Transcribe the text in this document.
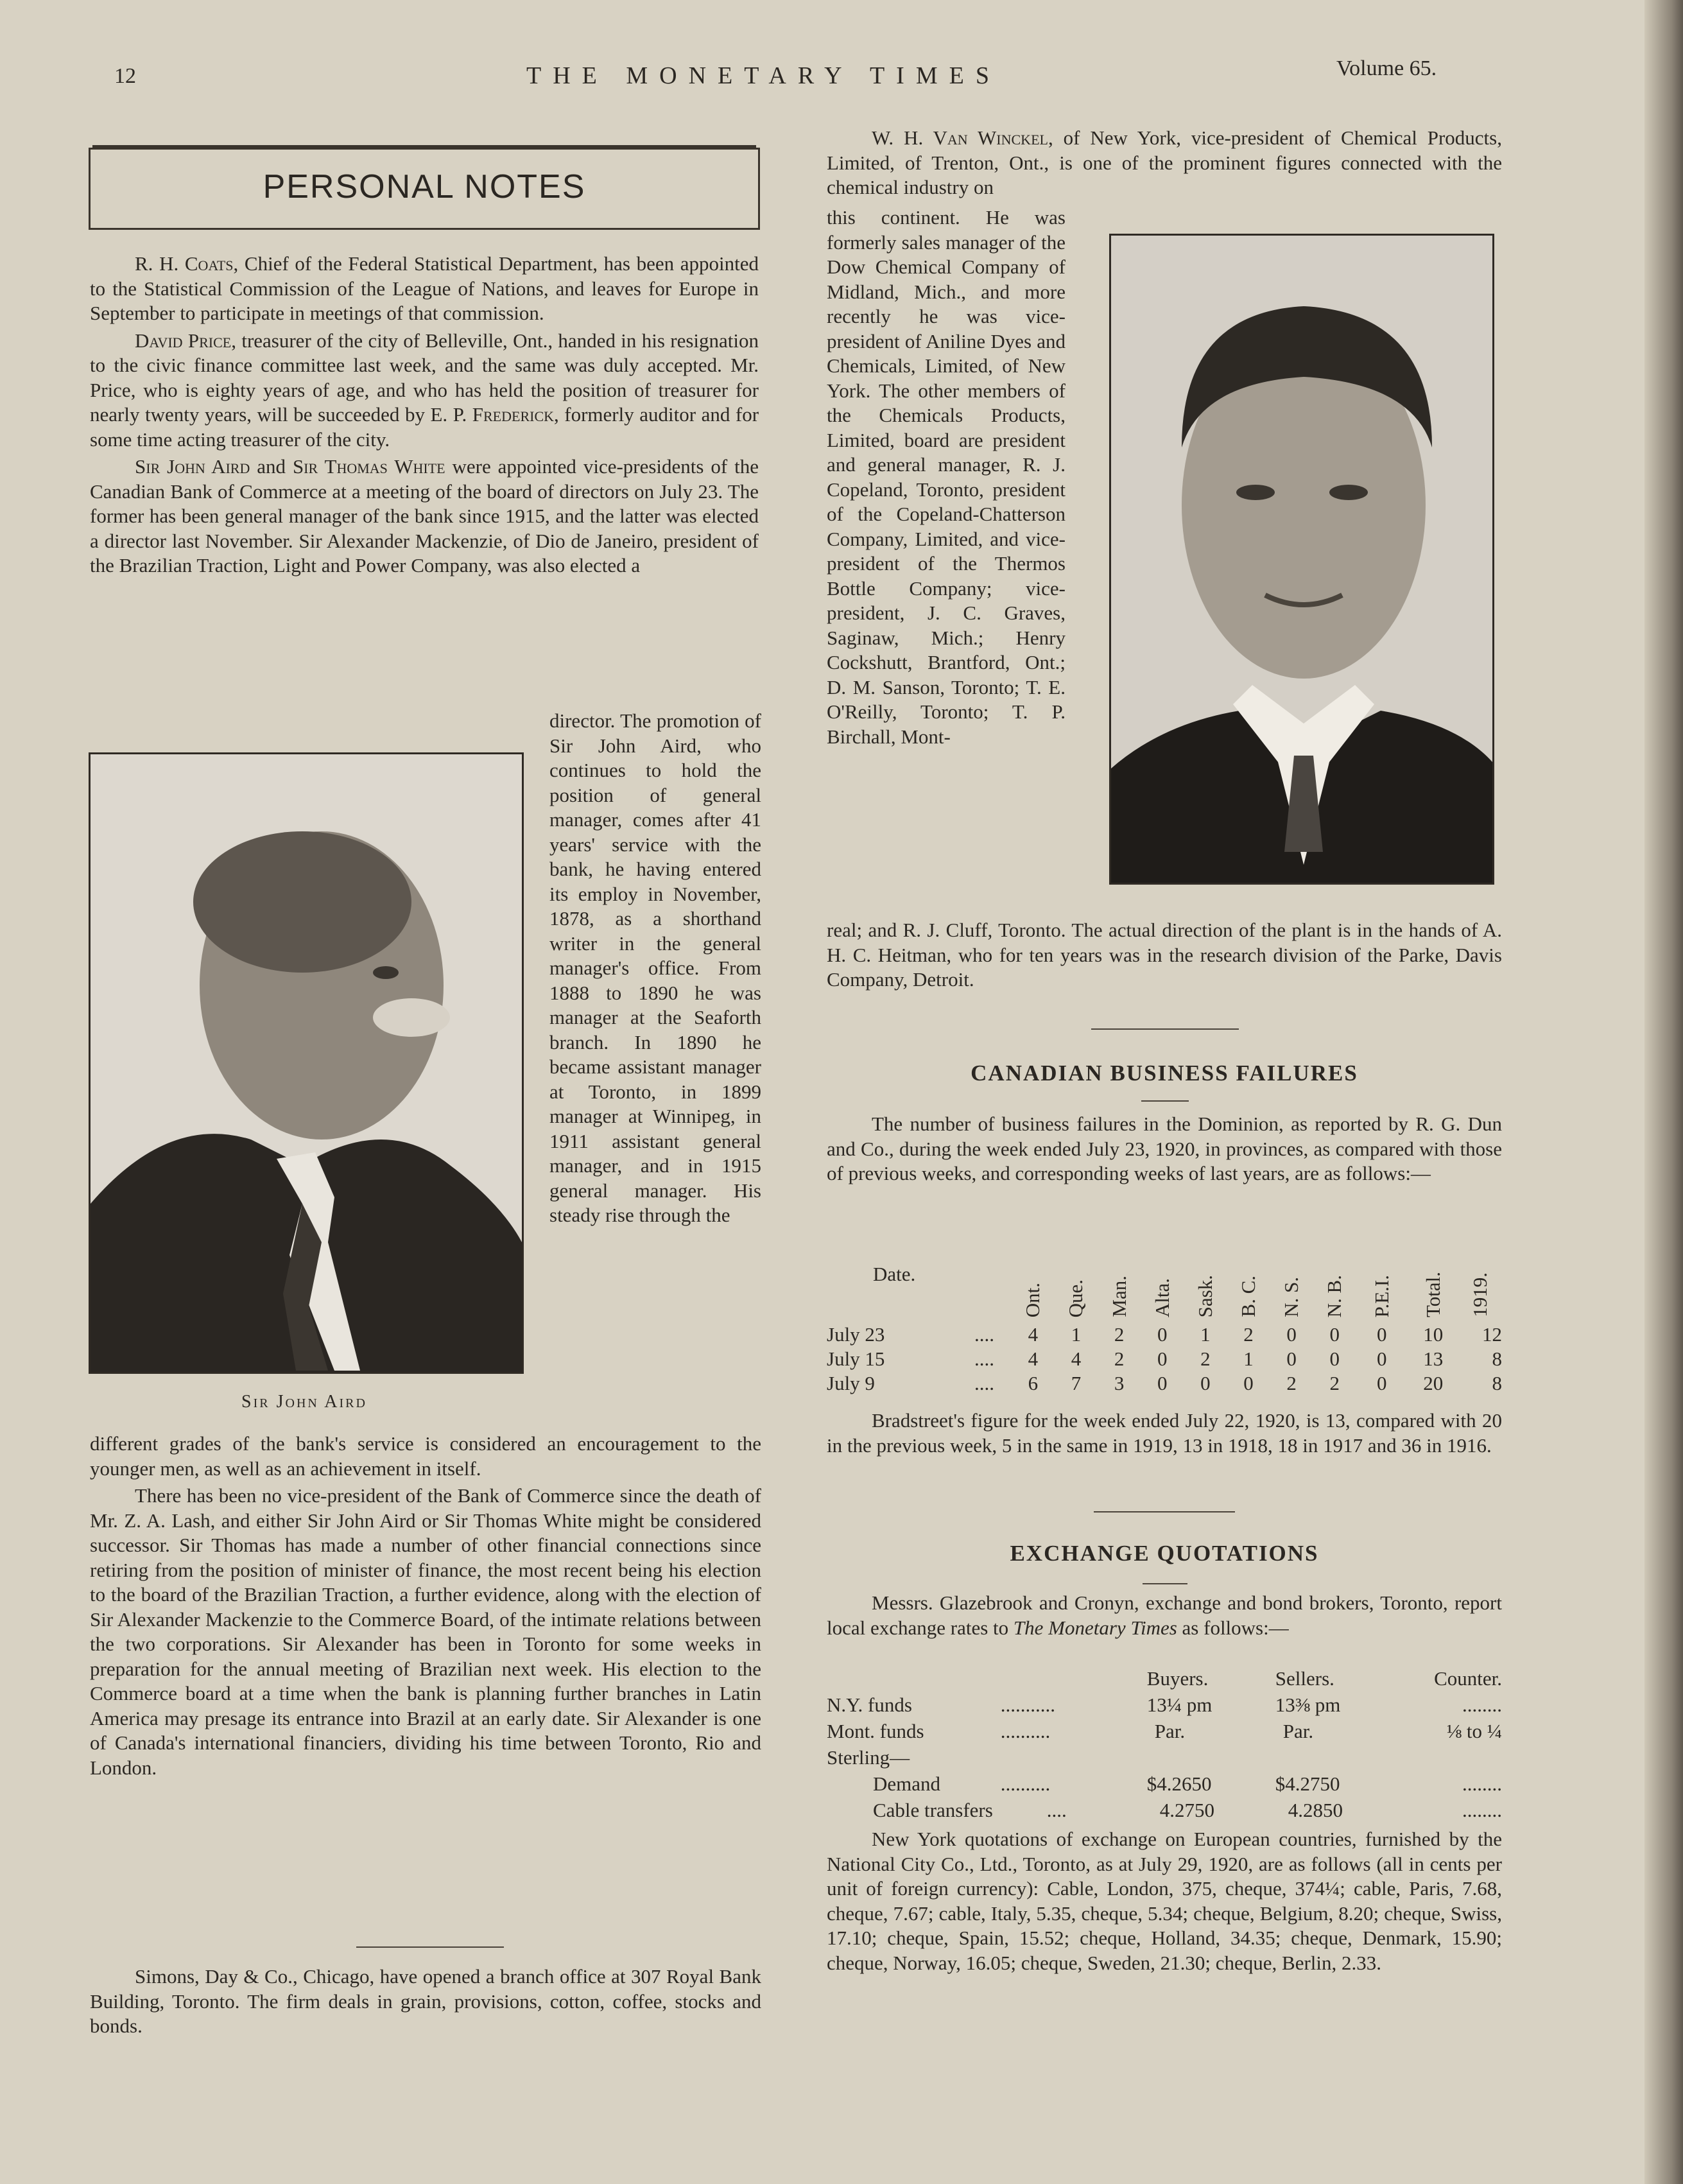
12	THE MONETARY TIMES	Volume 65.
PERSONAL NOTES

R. H. Coats, Chief of the Federal Statistical Department, has been appointed to the Statistical Commission of the League of Nations, and leaves for Europe in September to participate in meetings of that commission.

David Price, treasurer of the city of Belleville, Ont., handed in his resignation to the civic finance committee last week, and the same was duly accepted. Mr. Price, who is eighty years of age, and who has held the position of treasurer for nearly twenty years, will be succeeded by E. P. Frederick, formerly auditor and for some time acting treasurer of the city.

Sir John Aird and Sir Thomas White were appointed vice-presidents of the Canadian Bank of Commerce at a meeting of the board of directors on July 23. The former has been general manager of the bank since 1915, and the latter was elected a director last November. Sir Alexander Mackenzie, of Dio de Janeiro, president of the Brazilian Traction, Light and Power Company, was also elected a

Sir John Aird

director. The promotion of Sir John Aird, who continues to hold the position of general manager, comes after 41 years' service with the bank, he having entered its employ in November, 1878, as a shorthand writer in the general manager's office. From 1888 to 1890 he was manager at the Seaforth branch. In 1890 he became assistant manager at Toronto, in 1899 manager at Winnipeg, in 1911 assistant general manager, and in 1915 general manager. His steady rise through the

different grades of the bank's service is considered an encouragement to the younger men, as well as an achievement in itself.

There has been no vice-president of the Bank of Commerce since the death of Mr. Z. A. Lash, and either Sir John Aird or Sir Thomas White might be considered successor. Sir Thomas has made a number of other financial connections since retiring from the position of minister of finance, the most recent being his election to the board of the Brazilian Traction, a further evidence, along with the election of Sir Alexander Mackenzie to the Commerce Board, of the intimate relations between the two corporations. Sir Alexander has been in Toronto for some weeks in preparation for the annual meeting of Brazilian next week. His election to the Commerce board at a time when the bank is planning further branches in Latin America may presage its entrance into Brazil at an early date. Sir Alexander is one of Canada's international financiers, dividing his time between Toronto, Rio and London.

Simons, Day & Co., Chicago, have opened a branch office at 307 Royal Bank Building, Toronto. The firm deals in grain, provisions, cotton, coffee, stocks and bonds.

W. H. Van Winckel, of New York, vice-president of Chemical Products, Limited, of Trenton, Ont., is one of the prominent figures connected with the chemical industry on

this continent. He was formerly sales manager of the Dow Chemical Company of Midland, Mich., and more recently he was vice-president of Aniline Dyes and Chemicals, Limited, of New York. The other members of the Chemicals Products, Limited, board are president and general manager, R. J. Copeland, Toronto, president of the Copeland-Chatterson Company, Limited, and vice-president of the Thermos Bottle Company; vice-president, J. C. Graves, Saginaw, Mich.; Henry Cockshutt, Brantford, Ont.; D. M. Sanson, Toronto; T. E. O'Reilly, Toronto; T. P. Birchall, Mont-

real; and R. J. Cluff, Toronto. The actual direction of the plant is in the hands of A. H. C. Heitman, who for ten years was in the research division of the Parke, Davis Company, Detroit.

CANADIAN BUSINESS FAILURES

The number of business failures in the Dominion, as reported by R. G. Dun and Co., during the week ended July 23, 1920, in provinces, as compared with those of previous weeks, and corresponding weeks of last years, are as follows:—

Date.		Ont.	Que.	Man.	Alta.	Sask.	B. C.	N. S.	N. B.	P.E.I.	Total.	1919.
July 23	....	4	1	2	0	1	2	0	0	0	10	12
July 15	....	4	4	2	0	2	1	0	0	0	13	8
July 9	....	6	7	3	0	0	0	2	2	0	20	8

Bradstreet's figure for the week ended July 22, 1920, is 13, compared with 20 in the previous week, 5 in the same in 1919, 13 in 1918, 18 in 1917 and 36 in 1916.

EXCHANGE QUOTATIONS

Messrs. Glazebrook and Cronyn, exchange and bond brokers, Toronto, report local exchange rates to The Monetary Times as follows:—

		Buyers.	Sellers.	Counter.
N.Y. funds	...........	13¼ pm	13⅜ pm	........
Mont. funds	..........	Par.	Par.	⅛ to ¼
Sterling—				
Demand	..........	$4.2650	$4.2750	........
Cable transfers	....	4.2750	4.2850	........

New York quotations of exchange on European countries, furnished by the National City Co., Ltd., Toronto, as at July 29, 1920, are as follows (all in cents per unit of foreign currency): Cable, London, 375, cheque, 374¼; cable, Paris, 7.68, cheque, 7.67; cable, Italy, 5.35, cheque, 5.34; cheque, Belgium, 8.20; cheque, Swiss, 17.10; cheque, Spain, 15.52; cheque, Holland, 34.35; cheque, Denmark, 15.90; cheque, Norway, 16.05; cheque, Sweden, 21.30; cheque, Berlin, 2.33.
